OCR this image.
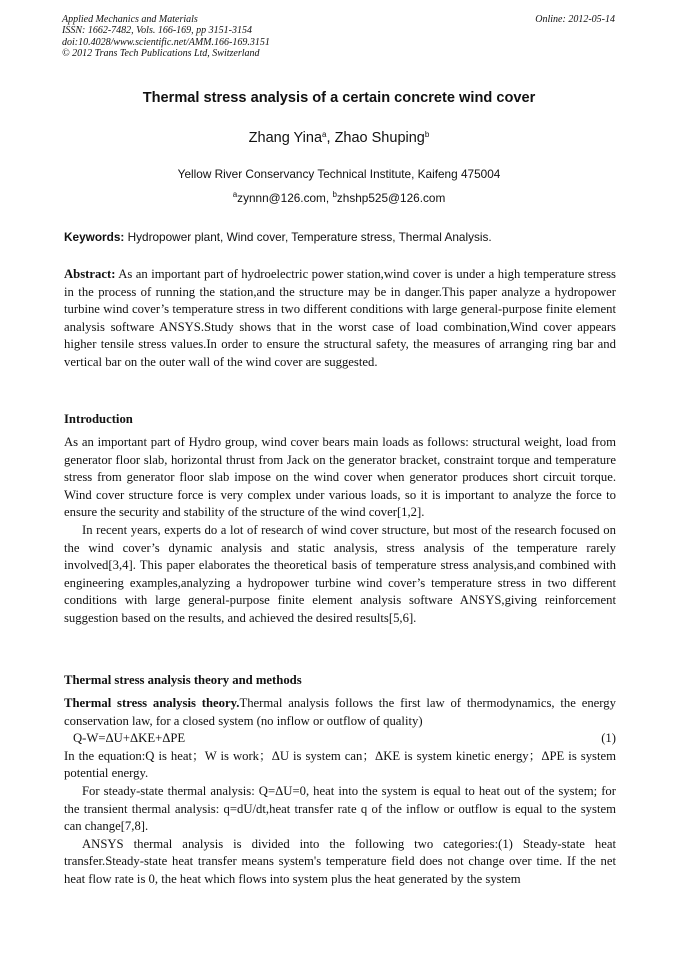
Applied Mechanics and Materials
ISSN: 1662-7482, Vols. 166-169, pp 3151-3154
doi:10.4028/www.scientific.net/AMM.166-169.3151
© 2012 Trans Tech Publications Ltd, Switzerland
Online: 2012-05-14
Thermal stress analysis of a certain concrete wind cover
Zhang Yina$^a$, Zhao Shuping$^b$
Yellow River Conservancy Technical Institute, Kaifeng 475004
$^a$zynnn@126.com, $^b$zhshp525@126.com
Keywords: Hydropower plant, Wind cover, Temperature stress, Thermal Analysis.
Abstract: As an important part of hydroelectric power station,wind cover is under a high temperature stress in the process of running the station,and the structure may be in danger.This paper analyze a hydropower turbine wind cover’s temperature stress in two different conditions with large general-purpose finite element analysis software ANSYS.Study shows that in the worst case of load combination,Wind cover appears higher tensile stress values.In order to ensure the structural safety, the measures of arranging ring bar and vertical bar on the outer wall of the wind cover are suggested.
Introduction

As an important part of Hydro group, wind cover bears main loads as follows: structural weight, load from generator floor slab, horizontal thrust from Jack on the generator bracket, constraint torque and temperature stress from generator floor slab impose on the wind cover when generator produces short circuit torque. Wind cover structure force is very complex under various loads, so it is important to analyze the force to ensure the security and stability of the structure of the wind cover[1,2].

In recent years, experts do a lot of research of wind cover structure, but most of the research focused on the wind cover’s dynamic analysis and static analysis, stress analysis of the temperature rarely involved[3,4]. This paper elaborates the theoretical basis of temperature stress analysis,and combined with engineering examples,analyzing a hydropower turbine wind cover’s temperature stress in two different conditions with large general-purpose finite element analysis software ANSYS,giving reinforcement suggestion based on the results, and achieved the desired results[5,6].

Thermal stress analysis theory and methods

Thermal stress analysis theory.Thermal analysis follows the first law of thermodynamics, the energy conservation law, for a closed system (no inflow or outflow of quality)

Q-W=ΔU+ΔKE+ΔPE	(1)

In the equation:Q is heat；W is work；ΔU is system can；ΔKE is system kinetic energy；ΔPE is system potential energy.

For steady-state thermal analysis: Q=ΔU=0, heat into the system is equal to heat out of the system; for the transient thermal analysis: q=dU/dt,heat transfer rate q of the inflow or outflow is equal to the system can change[7,8].

ANSYS thermal analysis is divided into the following two categories:(1) Steady-state heat transfer.Steady-state heat transfer means system's temperature field does not change over time. If the net heat flow rate is 0, the heat which flows into system plus the heat generated by the system
